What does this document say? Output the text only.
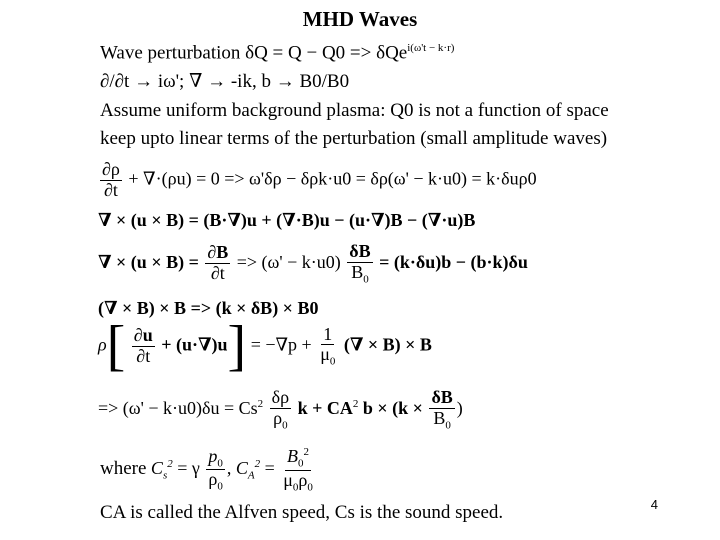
MHD Waves
Wave perturbation δQ = Q − Q0 => δQe$^{i(\omega't - k\cdot r)}$
∂/∂t → iω'; ∇ → -ik, b → B0/B0
Assume uniform background plasma: Q0 is not a function of space
keep upto linear terms of the perturbation (small amplitude waves)
$\frac{\partial\rho}{\partial t} + \nabla\cdot(\rho u) = 0 => \omega'\delta\rho - \delta\rho k\cdot u0 = \delta\rho(\omega' - k\cdot u0) = k\cdot\delta u\rho 0$
∇ × (u × B) = (B·∇)u + (∇·B)u − (u·∇)B − (∇·u)B
∇ × $(u \times B) = \frac{\partial B}{\partial t} => (\omega' - k\cdot u0) \frac{\delta B}{B_0} = (k\cdot\delta u)b - (b\cdot k)\delta u$
(∇ × B) × B => (k × δB) × B0
$\rho[ \frac{\partial u}{\partial t} + (u\cdot\nabla)u] = -\nabla p + \frac{1}{\mu_0}$ (∇ × B) × B
=> $(\omega' - k\cdot u0)\delta u = Cs^2 \frac{\delta\rho}{\rho_0}$ $k + CA^2$ $b \times (k \times \frac{\delta B}{B_0}$ )
where $C_s^2 = \gamma \frac{p_0}{\rho_0}$ , $C_A^2 = \frac{B_0^2}{\mu_0\rho_0}$
CA is called the Alfven speed, Cs is the sound speed.	4
